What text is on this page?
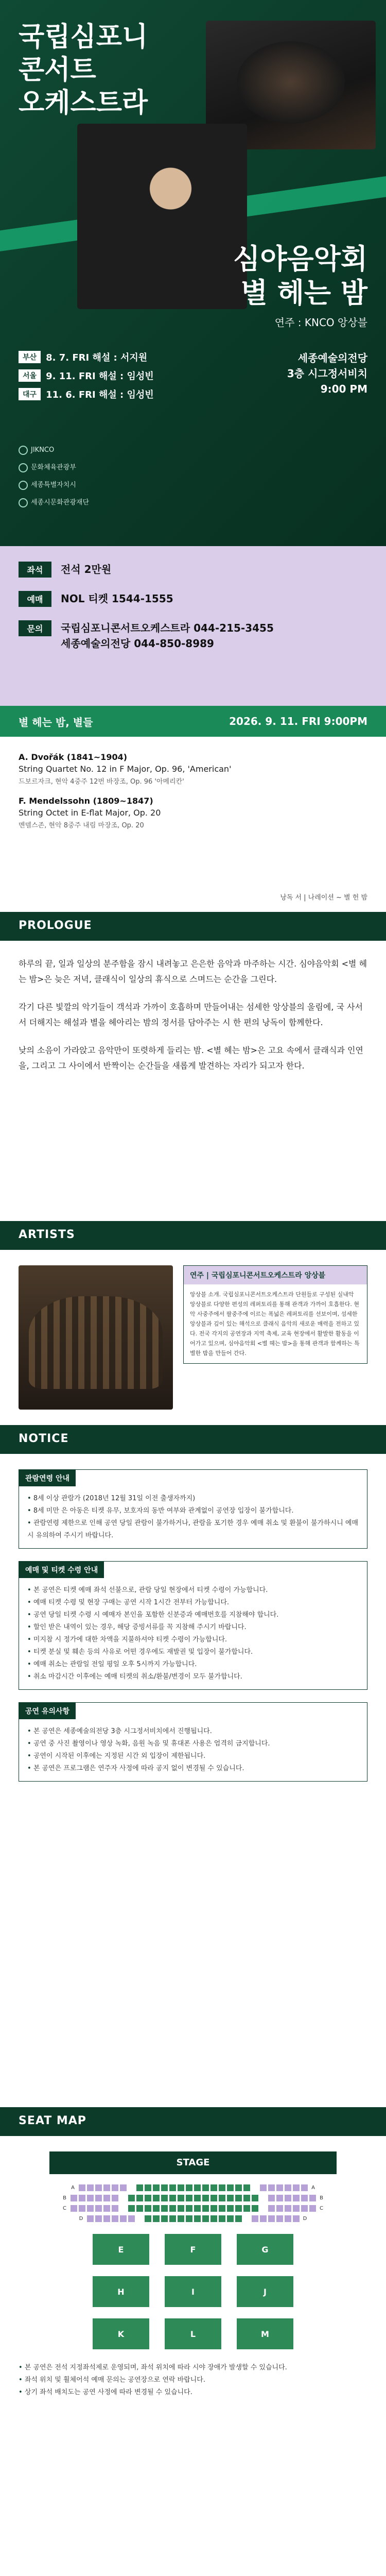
국립심포니
콘서트
오케스트라
심야음악회
별 헤는 밤
연주 : KNCO 앙상블
부산	8. 7. FRI 해설 : 서지원
서울	9. 11. FRI 해설 : 임성빈
대구	11. 6. FRI 해설 : 임성빈
세종예술의전당
3층 시그정서비치
9:00 PM
JIKNCO

문화체육관광부

세종특별자치시

세종시문화관광재단
좌석	전석 2만원
예매	NOL 티켓 1544-1555
문의	국립심포니콘서트오케스트라 044-215-3455
세종예술의전당 044-850-8989
별 헤는 밤, 별들	2026. 9. 11. FRI 9:00PM
A. Dvořák (1841~1904)
String Quartet No. 12 in F Major, Op. 96, 'American'
드보르자크, 현악 4중주 12번 바장조, Op. 96 '아메리칸'
F. Mendelssohn (1809~1847)
String Octet in E-flat Major, Op. 20
멘델스존, 현악 8중주 내림 마장조, Op. 20
낭독 서 | 나레이션 ~ 별 헌 밤
PROLOGUE

하루의 끝, 일과 일상의 분주함을 잠시 내려놓고 은은한 음악과 마주하는 시간. 심야음악회 <별 헤는 밤>은 늦은 저녁, 클래식이 일상의 휴식으로 스며드는 순간을 그린다.

각기 다른 빛깔의 악기들이 객석과 가까이 호흡하며 만들어내는 섬세한 앙상블의 울림에, 국 사서서 더해지는 해설과 별을 헤아리는 밤의 정서를 담아주는 시 한 편의 낭독이 함께한다.

낮의 소음이 가라앉고 음악만이 또렷하게 들리는 밤. <별 헤는 밤>은 고요 속에서 클래식과 인연을, 그리고 그 사이에서 반짝이는 순간들을 새롭게 발견하는 자리가 되고자 한다.

ARTISTS
연주 | 국립심포니콘서트오케스트라 앙상블
앙상블 소개. 국립심포니콘서트오케스트라 단원들로 구성된 실내악 앙상블로 다양한 편성의 레퍼토리를 통해 관객과 가까이 호흡한다. 현악 사중주에서 팔중주에 이르는 폭넓은 레퍼토리를 선보이며, 섬세한 앙상블과 깊이 있는 해석으로 클래식 음악의 새로운 매력을 전하고 있다. 전국 각지의 공연장과 지역 축제, 교육 현장에서 활발한 활동을 이어가고 있으며, 심야음악회 <별 헤는 밤>을 통해 관객과 함께하는 특별한 밤을 만들어 간다.
NOTICE
관람연령 안내
• 8세 이상 관람가 (2018년 12월 31일 이전 출생자까지)
• 8세 미만 은 아동은 티켓 유무, 보호자의 동반 여부와 관계없이 공연장 입장이 불가합니다.
• 관람연령 제한으로 인해 공연 당일 관람이 불가하거나, 관람을 포기한 경우 예매 취소 및 환불이 불가하시니 예매 시 유의하여 주시기 바랍니다.
예매 및 티켓 수령 안내
• 본 공연은 티켓 예매 좌석 선불으로, 관람 당일 현장에서 티켓 수령이 가능합니다.
• 예매 티켓 수령 및 현장 구매는 공연 시작 1시간 전부터 가능합니다.
• 공연 당일 티켓 수령 시 예매자 본인을 포함한 신분증과 예매번호를 지참해야 합니다.
• 할인 받은 내역이 있는 경우, 해당 증빙서류를 꼭 지참해 주시기 바랍니다.
• 미지참 시 정가에 대한 차액을 지불하셔야 티켓 수령이 가능합니다.
• 티켓 분실 및 훼손 등의 사유로 어떤 경우에도 재발권 및 입장이 불가합니다.
• 예매 취소는 관람일 전일 평일 오후 5시까지 가능합니다.
• 취소 마감시간 이후에는 예매 티켓의 취소/환불/변경이 모두 불가합니다.
공연 유의사항
• 본 공연은 세종예술의전당 3층 시그정서비치에서 진행됩니다.
• 공연 중 사진 촬영이나 영상 녹화, 음원 녹음 및 휴대폰 사용은 엄격히 금지합니다.
• 공연이 시작된 이후에는 지정된 시간 외 입장이 제한됩니다.
• 본 공연은 프로그램은 연주자 사정에 따라 공지 없이 변경될 수 있습니다.
SEAT MAP
STAGE
A	A
B	B
C	C
D	D
E	F	G
H	I	J
K	L	M
• 본 공연은 전석 지정좌석제로 운영되며, 좌석 위치에 따라 시야 장애가 발생할 수 있습니다.
• 좌석 위치 및 휠체어석 예매 문의는 공연장으로 연락 바랍니다.
• 상기 좌석 배치도는 공연 사정에 따라 변경될 수 있습니다.
